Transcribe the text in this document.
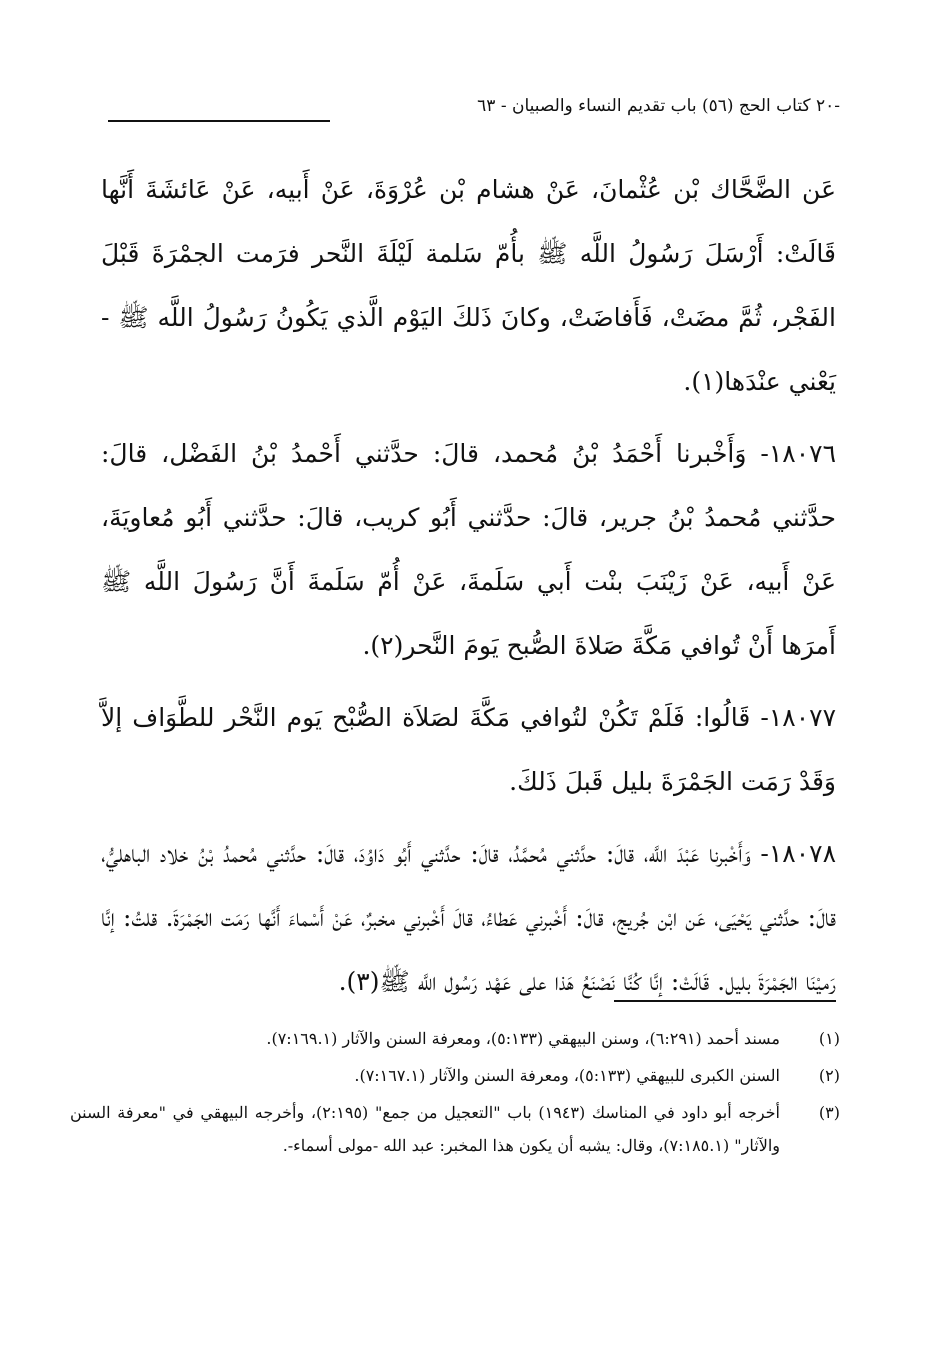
-٢٠ كتاب الحج (٥٦) باب تقديم النساء والصبيان - ٦٣

عَن الضَّحَّاك بْن عُثْمانَ، عَنْ هشام بْن عُرْوَةَ، عَنْ أَبيه، عَنْ عَائشَةَ أَنَّها قَالَتْ: أَرْسَلَ رَسُولُ اللَّه ﷺ بأُمّ سَلمة لَيْلَةَ النَّحر فرَمت الجمْرَةَ قَبْلَ الفَجْر، ثُمَّ مضَتْ، فَأَفاضَتْ، وكانَ ذَلكَ اليَوْم الَّذي يَكُونُ رَسُولُ اللَّه ﷺ - يَعْني عنْدَها(١).

١٨٠٧٦- وَأَخْبرنا أَحْمَدُ بْنُ مُحمد، قالَ: حدَّثني أَحْمدُ بْنُ الفَضْل، قالَ: حدَّثني مُحمدُ بْنُ جرير، قالَ: حدَّثني أَبُو كريب، قالَ: حدَّثني أَبُو مُعاويَةَ، عَنْ أَبيه، عَنْ زَيْنَبَ بنْت أَبي سَلَمةَ، عَنْ أُمّ سَلَمةَ أَنَّ رَسُولَ اللَّه ﷺ أَمرَها أَنْ تُوافي مَكَّةَ صَلاةَ الصُّبح يَومَ النَّحر(٢).

١٨٠٧٧- قَالُوا: فَلَمْ تَكُنْ لتُوافي مَكَّةَ لصَلاَة الصُّبْح يَوم النَّحْر للطَّوَاف إلاَّ وَقَدْ رَمَت الجَمْرَةَ بليل قَبلَ ذَلكَ.

١٨٠٧٨- وَأَخْبرنا عَبْدَ اللَّه، قالَ: حدَّثني مُحمَّدُ، قالَ: حدَّثني أَبُو دَاوُدَ، قالَ: حدَّثني مُحمدُ بْنُ خلاد الباهليُّ، قالَ: حدَّثني يَحْيَى، عَن ابْن جُريج، قالَ: أَخْبرني عَطاءُ، قالَ أَخْبرني مخبرٌ، عَنْ أَسْماءَ أَنَّها رَمَت الجَمْرَةَ. قلتُ: إنَّا رَميْنَا الجَمْرَةَ بليل. قَالَتْ: إنَّا كُنَّا نَصْنَعُ هَذا على عَهْد رَسُول اللَّه ﷺ(٣).

(١)
مسند أحمد (٦:٢٩١)، وسنن البيهقي (٥:١٣٣)، ومعرفة السنن والآثار (٧:١٦٩.١).
(٢)
السنن الكبرى للبيهقي (٥:١٣٣)، ومعرفة السنن والآثار (٧:١٦٧.١).
(٣)
أخرجه أبو داود في المناسك (١٩٤٣) باب "التعجيل من جمع" (٢:١٩٥)، وأخرجه البيهقي في "معرفة السنن والآثار" (٧:١٨٥.١)، وقال: يشبه أن يكون هذا المخبر: عبد الله -مولى أسماء-.
